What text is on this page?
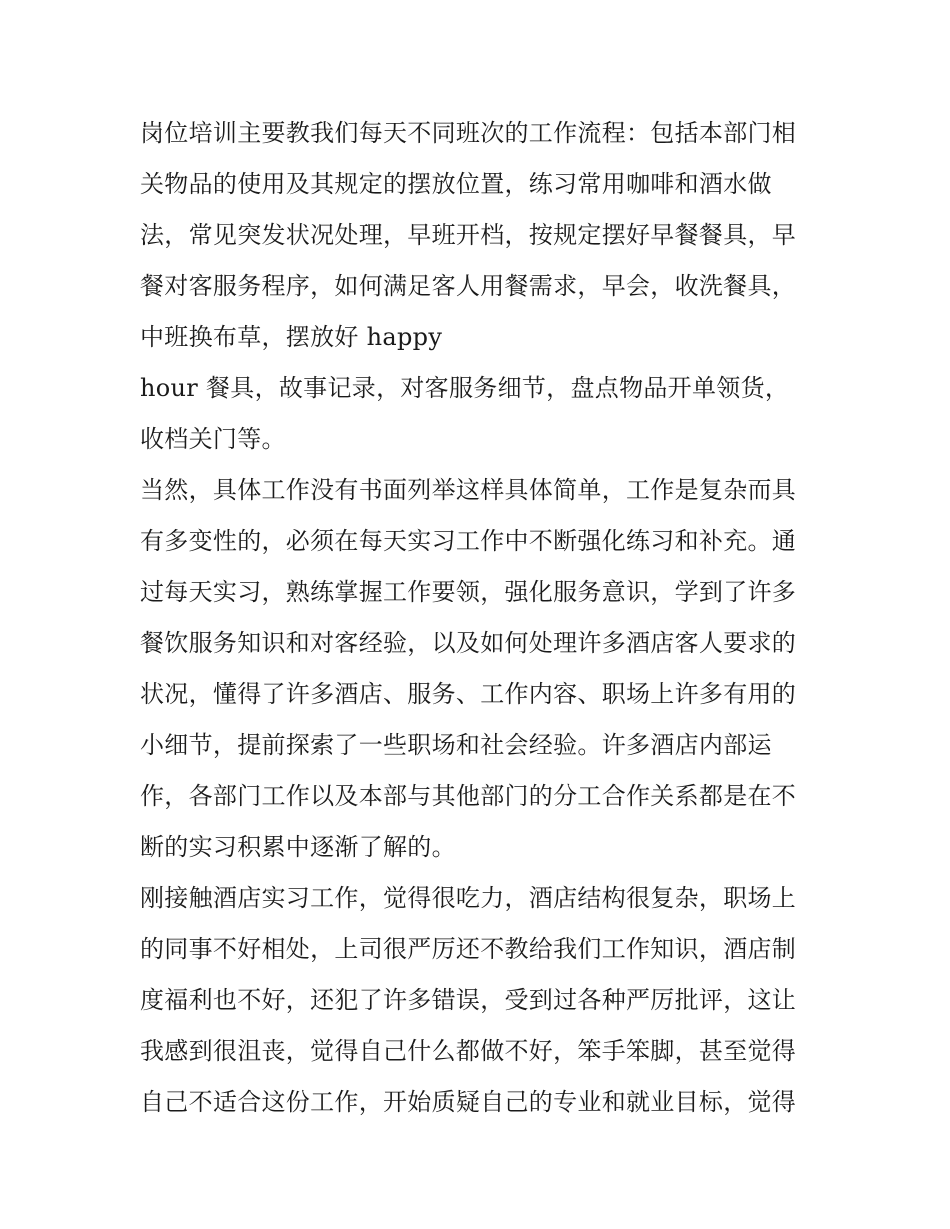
岗位培训主要教我们每天不同班次的工作流程：包括本部门相
关物品的使用及其规定的摆放位置，练习常用咖啡和酒水做
法，常见突发状况处理，早班开档，按规定摆好早餐餐具，早
餐对客服务程序，如何满足客人用餐需求，早会，收洗餐具，
中班换布草，摆放好 happy
hour 餐具，故事记录，对客服务细节，盘点物品开单领货，
收档关门等。
当然，具体工作没有书面列举这样具体简单，工作是复杂而具
有多变性的，必须在每天实习工作中不断强化练习和补充。通
过每天实习，熟练掌握工作要领，强化服务意识，学到了许多
餐饮服务知识和对客经验，以及如何处理许多酒店客人要求的
状况，懂得了许多酒店、服务、工作内容、职场上许多有用的
小细节，提前探索了一些职场和社会经验。许多酒店内部运
作，各部门工作以及本部与其他部门的分工合作关系都是在不
断的实习积累中逐渐了解的。
刚接触酒店实习工作，觉得很吃力，酒店结构很复杂，职场上
的同事不好相处，上司很严厉还不教给我们工作知识，酒店制
度福利也不好，还犯了许多错误，受到过各种严厉批评，这让
我感到很沮丧，觉得自己什么都做不好，笨手笨脚，甚至觉得
自己不适合这份工作，开始质疑自己的专业和就业目标，觉得
